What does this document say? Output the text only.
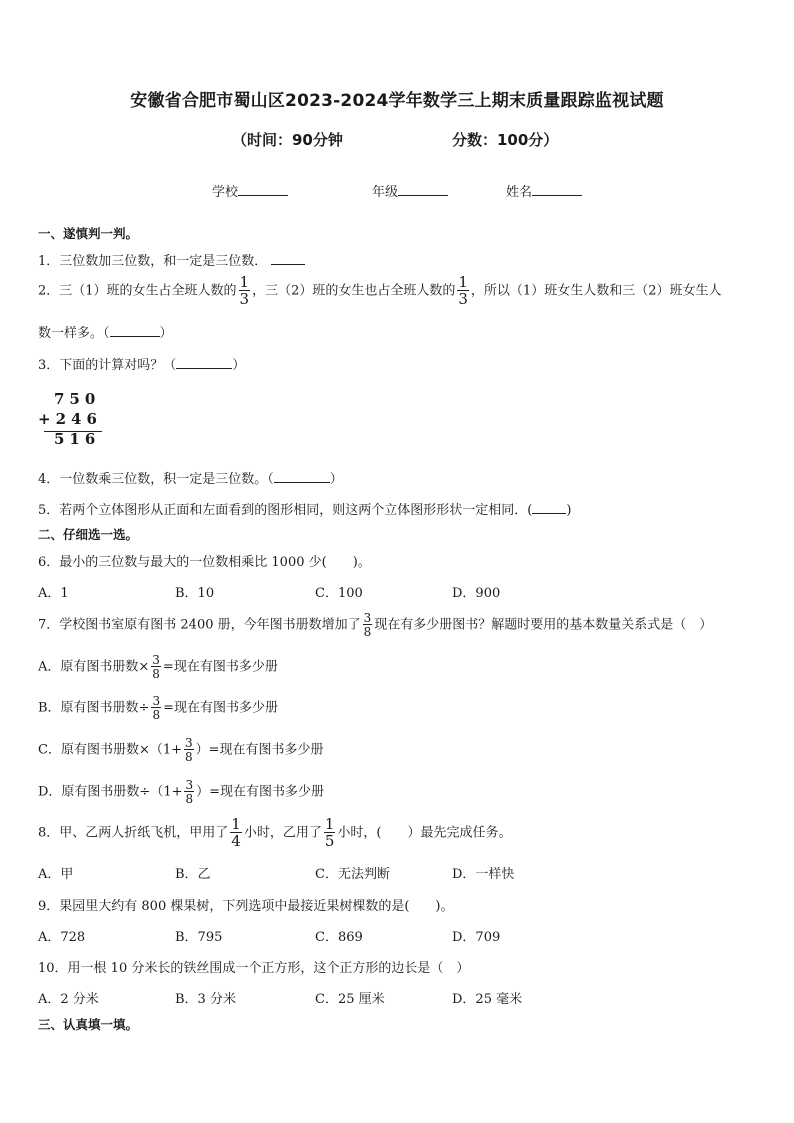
安徽省合肥市蜀山区2023-2024学年数学三上期末质量跟踪监视试题
（时间：90分钟	分数：100分）
学校	年级	姓名
一、遂慎判一判。
1．三位数加三位数，和一定是三位数．
2．三（1）班的女生占全班人数的 $\frac{1}{3}$ ，三（2）班的女生也占全班人数的 $\frac{1}{3}$ ，所以（1）班女生人数和三（2）班女生人
数一样多。（	）
3．下面的计算对吗？（	）
750
+246
516
4．一位数乘三位数，积一定是三位数。（	）
5．若两个立体图形从正面和左面看到的图形相同，则这两个立体图形形状一定相同．(	)
二、仔细选一选。
6．最小的三位数与最大的一位数相乘比 1000 少(　　)。
A．1	B．10	C．100	D．900
7．学校图书室原有图书 2400 册，今年图书册数增加了 $\frac{3}{8}$ 现在有多少册图书？解题时要用的基本数量关系式是（　）
A．原有图书册数× $\frac{3}{8}$ =现在有图书多少册
B．原有图书册数÷ $\frac{3}{8}$ =现在有图书多少册
C．原有图书册数$\times(1+ \frac{3}{8}$ ）=现在有图书多少册
D．原有图书册数$\div(1+ \frac{3}{8}$ ）=现在有图书多少册
8．甲、乙两人折纸飞机，甲用了 $\frac{1}{4}$ 小时，乙用了 $\frac{1}{5}$ 小时，(　　）最先完成任务。
A．甲	B．乙	C．无法判断	D．一样快
9．果园里大约有 800 棵果树，下列选项中最接近果树棵数的是(　　)。
A．728	B．795	C．869	D．709
10．用一根 10 分米长的铁丝围成一个正方形，这个正方形的边长是（　）
A．2 分米	B．3 分米	C．25 厘米	D．25 毫米
三、认真填一填。
